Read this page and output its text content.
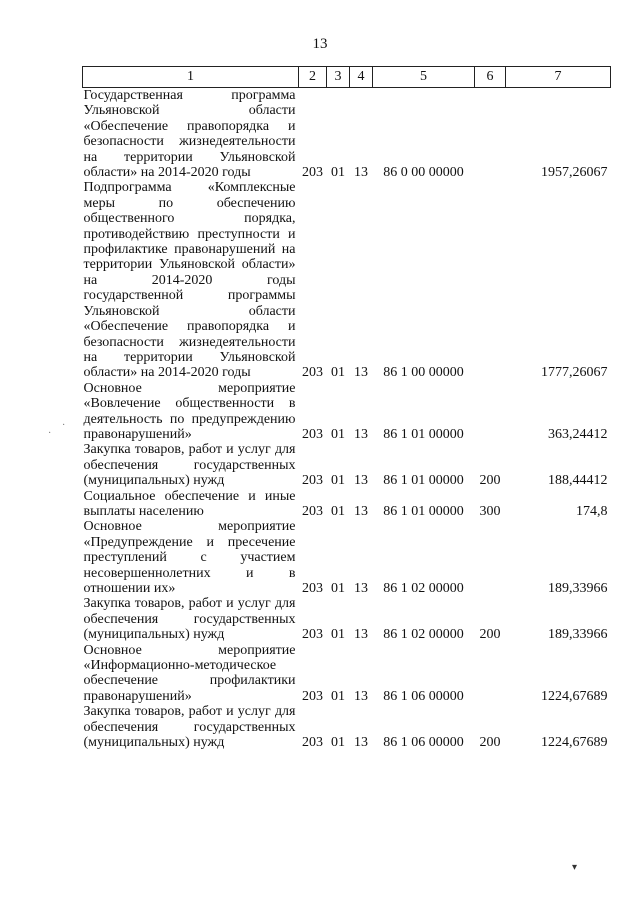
13
1	2	3	4	5	6	7
Государственная программа Ульяновской области «Обеспечение правопорядка и безопасности жизнедеятельности на территории Ульяновской области» на 2014-2020 годы	203	01	13	86 0 00 00000		1957,26067
Подпрограмма «Комплексные меры по обеспечению общественного порядка, противодействию преступности и профилактике правонарушений на территории Ульяновской области» на 2014-2020 годы государственной программы Ульяновской области «Обеспечение правопорядка и безопасности жизнедеятельности на территории Ульяновской области» на 2014-2020 годы	203	01	13	86 1 00 00000		1777,26067
Основное мероприятие «Вовлечение общественности в деятельность по предупреждению правонарушений»	203	01	13	86 1 01 00000		363,24412
Закупка товаров, работ и услуг для обеспечения государственных (муниципальных) нужд	203	01	13	86 1 01 00000	200	188,44412
Социальное обеспечение и иные выплаты населению	203	01	13	86 1 01 00000	300	174,8
Основное мероприятие «Предупреждение и пресечение преступлений с участием несовершеннолетних и в отношении их»	203	01	13	86 1 02 00000		189,33966
Закупка товаров, работ и услуг для обеспечения государственных (муниципальных) нужд	203	01	13	86 1 02 00000	200	189,33966
Основное мероприятие «Информационно-методическое обеспечение профилактики правонарушений»	203	01	13	86 1 06 00000		1224,67689
Закупка товаров, работ и услуг для обеспечения государственных (муниципальных) нужд	203	01	13	86 1 06 00000	200	1224,67689
·
·
▾
